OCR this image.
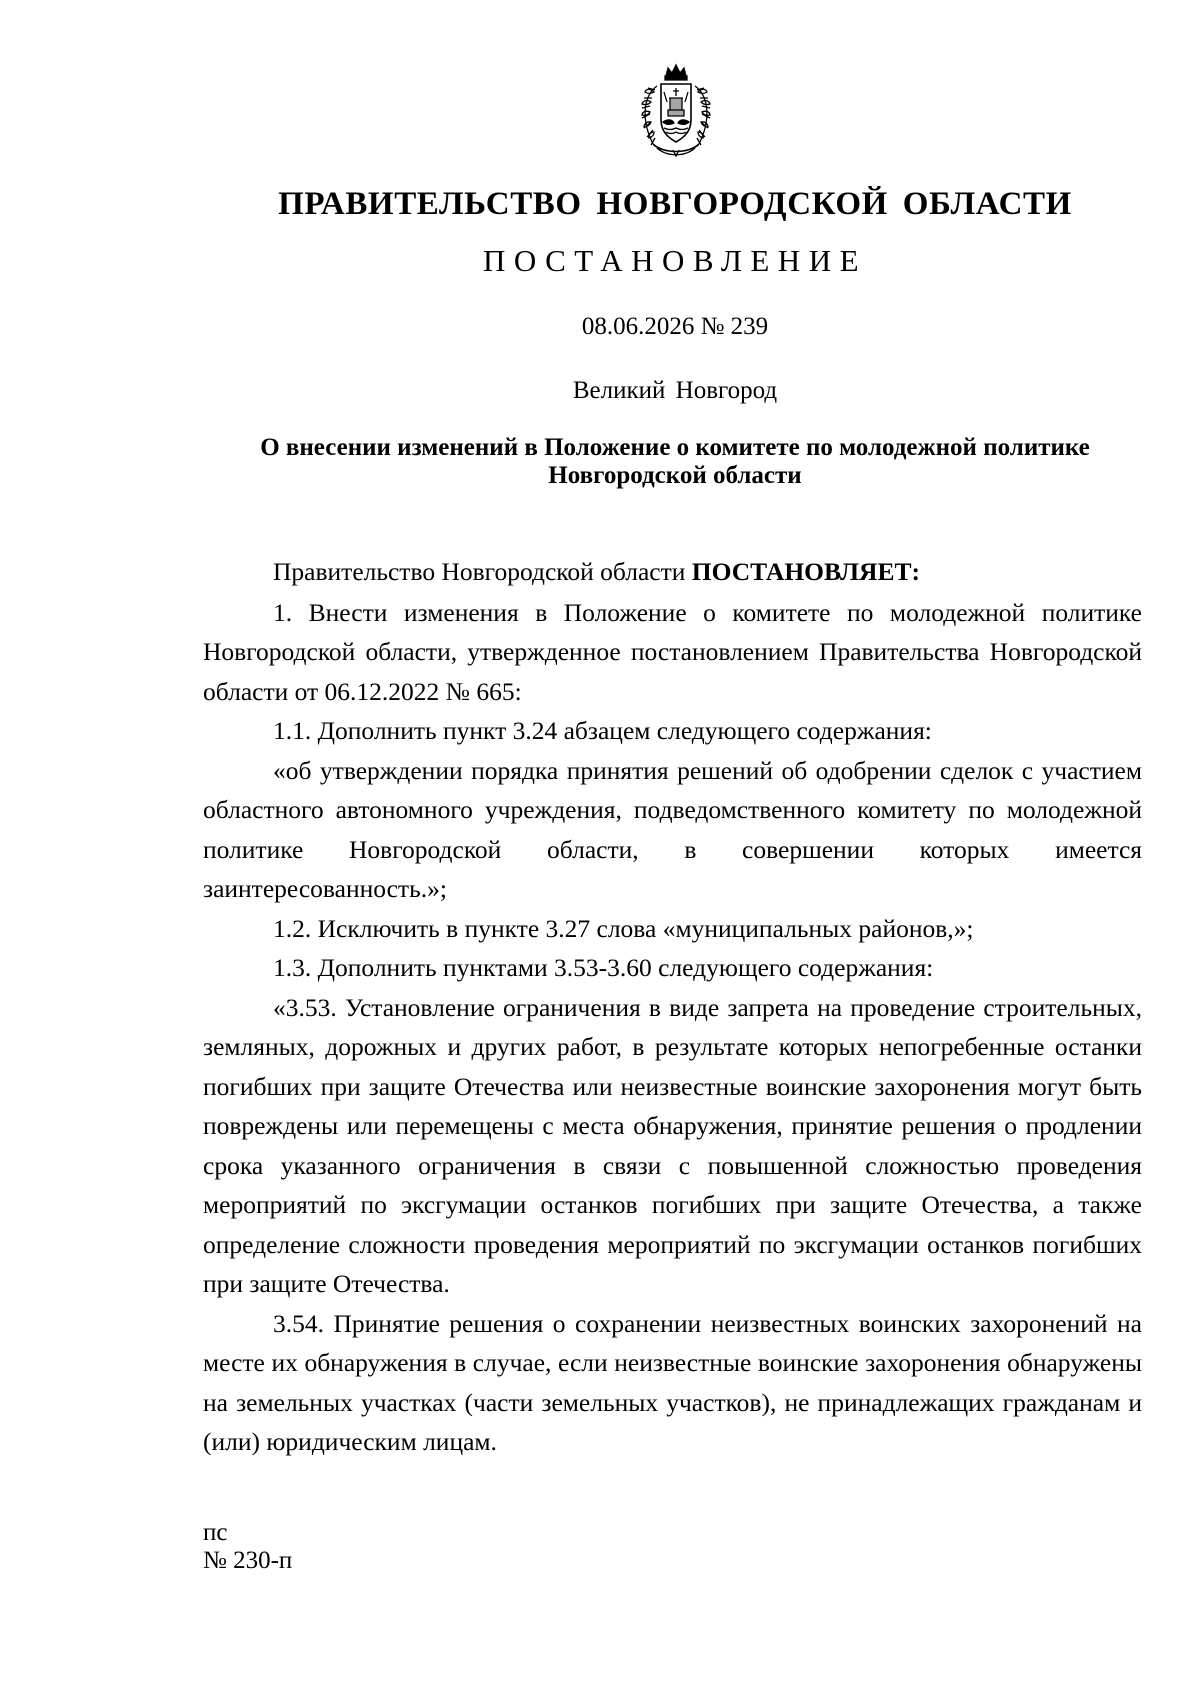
ПРАВИТЕЛЬСТВО НОВГОРОДСКОЙ ОБЛАСТИ
ПОСТАНОВЛЕНИЕ
08.06.2026 № 239
Великий Новгород
О внесении изменений в Положение о комитете по молодежной политике
Новгородской области

Правительство Новгородской области ПОСТАНОВЛЯЕТ:

1. Внести изменения в Положение о комитете по молодежной политике Новгородской области, утвержденное постановлением Правительства Новгородской области от 06.12.2022 № 665:

1.1. Дополнить пункт 3.24 абзацем следующего содержания:

«об утверждении порядка принятия решений об одобрении сделок с участием областного автономного учреждения, подведомственного комитету по молодежной политике Новгородской области, в совершении которых имеется заинтересованность.»;

1.2. Исключить в пункте 3.27 слова «муниципальных районов,»;

1.3. Дополнить пунктами 3.53-3.60 следующего содержания:

«3.53. Установление ограничения в виде запрета на проведение строительных, земляных, дорожных и других работ, в результате которых непогребенные останки погибших при защите Отечества или неизвестные воинские захоронения могут быть повреждены или перемещены с места обнаружения, принятие решения о продлении срока указанного ограничения в связи с повышенной сложностью проведения мероприятий по эксгумации останков погибших при защите Отечества, а также определение сложности проведения мероприятий по эксгумации останков погибших при защите Отечества.

3.54. Принятие решения о сохранении неизвестных воинских захоронений на месте их обнаружения в случае, если неизвестные воинские захоронения обнаружены на земельных участках (части земельных участков), не принадлежащих гражданам и (или) юридическим лицам.

пс
№ 230-п
